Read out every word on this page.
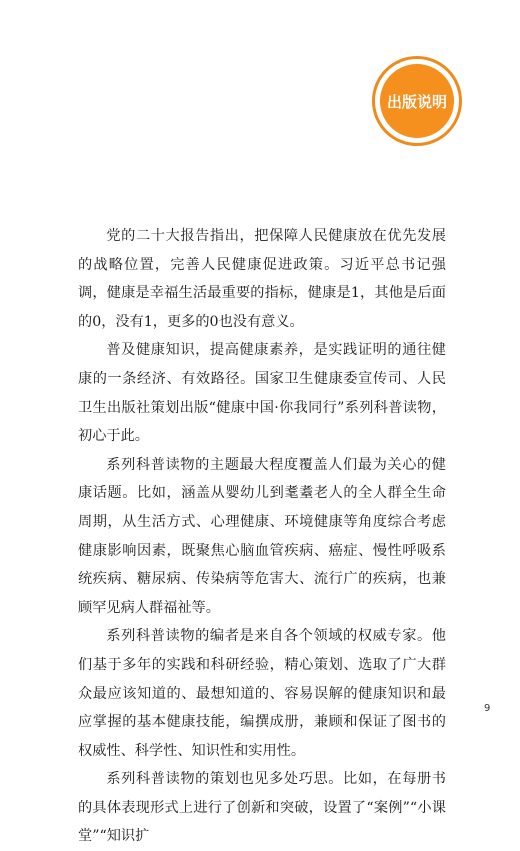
出版说明

党的二十大报告指出，把保障人民健康放在优先发展的战略位置，完善人民健康促进政策。习近平总书记强调，健康是幸福生活最重要的指标，健康是1，其他是后面的0，没有1，更多的0也没有意义。

普及健康知识，提高健康素养，是实践证明的通往健康的一条经济、有效路径。国家卫生健康委宣传司、人民卫生出版社策划出版“健康中国·你我同行”系列科普读物，初心于此。

系列科普读物的主题最大程度覆盖人们最为关心的健康话题。比如，涵盖从婴幼儿到耄耋老人的全人群全生命周期，从生活方式、心理健康、环境健康等角度综合考虑健康影响因素，既聚焦心脑血管疾病、癌症、慢性呼吸系统疾病、糖尿病、传染病等危害大、流行广的疾病，也兼顾罕见病人群福祉等。

系列科普读物的编者是来自各个领域的权威专家。他们基于多年的实践和科研经验，精心策划、选取了广大群众最应该知道的、最想知道的、容易误解的健康知识和最应掌握的基本健康技能，编撰成册，兼顾和保证了图书的权威性、科学性、知识性和实用性。

系列科普读物的策划也见多处巧思。比如，在每册书的具体表现形式上进行了创新和突破，设置了“案例”“小课堂”“知识扩

9
